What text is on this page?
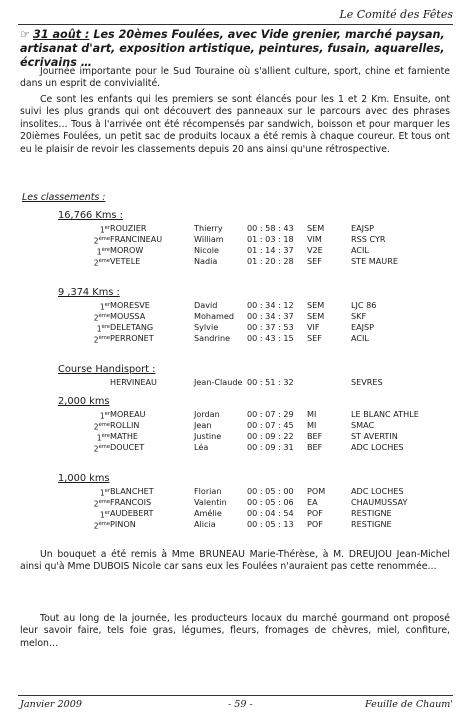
Le Comité des Fêtes
☞ 31 août : Les 20èmes Foulées, avec Vide grenier, marché paysan, artisanat d'art, exposition artistique, peintures, fusain, aquarelles, écrivains …
Journée importante pour le Sud Touraine où s'allient culture, sport, chine et farniente dans un esprit de convivialité.
Ce sont les enfants qui les premiers se sont élancés pour les 1 et 2 Km. Ensuite, ont suivi les plus grands qui ont découvert des panneaux sur le parcours avec des phrases insolites… Tous à l'arrivée ont été récompensés par sandwich, boisson et pour marquer les 20ièmes Foulées, un petit sac de produits locaux a été remis à chaque coureur. Et tous ont eu le plaisir de revoir les classements depuis 20 ans ainsi qu'une rétrospective.
Les classements :
16,766 Kms :
1er ROUZIER	Thierry	00 : 58 : 43 SEM	EAJSP
2ème FRANCINEAU	William	01 : 03 : 18 VIM	RSS CYR
1ère MOROW	Nicole	01 : 14 : 37 V2E	ACIL
2ème VETELE	Nadia	01 : 20 : 28 SEF	STE MAURE
9 ,374 Kms :
1er MORESVE	David	00 : 34 : 12 SEM	LJC 86
2ème MOUSSA	Mohamed 00 : 34 : 37 SEM	SKF
1ère DELETANG	Sylvie	00 : 37 : 53 VIF	EAJSP
2ème PERRONET	Sandrine 00 : 43 : 15 SEF	ACIL
Course Handisport :
HERVINEAU	Jean-Claude 00 : 51 : 32	SEVRES
2,000 kms
1er MOREAU	Jordan	00 : 07 : 29 MI	LE BLANC ATHLE
2ème ROLLIN	Jean	00 : 07 : 45 MI	SMAC
1ère MATHE	Justine	00 : 09 : 22 BEF	ST AVERTIN
2ème DOUCET	Léa	00 : 09 : 31 BEF	ADC LOCHES
1,000 kms
1er BLANCHET	Florian	00 : 05 : 00 POM	ADC LOCHES
2ème FRANCOIS	Valentin 00 : 05 : 06 EA	CHAUMUSSAY
1er AUDEBERT	Amélie	00 : 04 : 54 POF	RESTIGNE
2ème PINON	Alicia	00 : 05 : 13 POF	RESTIGNE
Un bouquet a été remis à Mme BRUNEAU Marie-Thérèse, à M. DREUJOU Jean-Michel ainsi qu'à Mme DUBOIS Nicole car sans eux les Foulées n'auraient pas cette renommée…
Tout au long de la journée, les producteurs locaux du marché gourmand ont proposé leur savoir faire, tels foie gras, légumes, fleurs, fromages de chèvres, miel, confiture, melon…
Janvier 2009	- 59 -	Feuille de Chaum'
